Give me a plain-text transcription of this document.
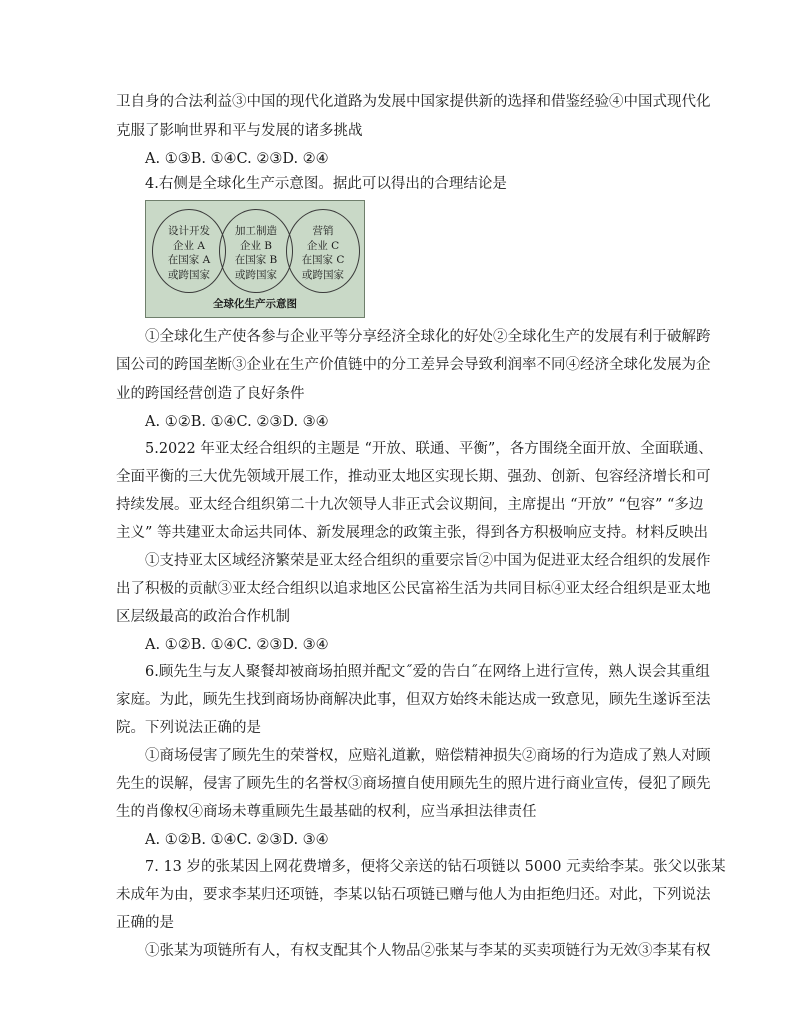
卫自身的合法利益③中国的现代化道路为发展中国家提供新的选择和借鉴经验④中国式现代化
克服了影响世界和平与发展的诸多挑战
A. ①③B. ①④C. ②③D. ②④
4.右侧是全球化生产示意图。据此可以得出的合理结论是
设计开发
企业 A
在国家 A
或跨国家
加工制造
企业 B
在国家 B
或跨国家
营销
企业 C
在国家 C
或跨国家
全球化生产示意图
①全球化生产使各参与企业平等分享经济全球化的好处②全球化生产的发展有利于破解跨
国公司的跨国垄断③企业在生产价值链中的分工差异会导致利润率不同④经济全球化发展为企
业的跨国经营创造了良好条件
A. ①②B. ①④C. ②③D. ③④
5.2022 年亚太经合组织的主题是 “开放、联通、平衡”，各方围绕全面开放、全面联通、
全面平衡的三大优先领域开展工作，推动亚太地区实现长期、强劲、创新、包容经济增长和可
持续发展。亚太经合组织第二十九次领导人非正式会议期间，主席提出 “开放” “包容” “多边
主义” 等共建亚太命运共同体、新发展理念的政策主张，得到各方积极响应支持。材料反映出
①支持亚太区域经济繁荣是亚太经合组织的重要宗旨②中国为促进亚太经合组织的发展作
出了积极的贡献③亚太经合组织以追求地区公民富裕生活为共同目标④亚太经合组织是亚太地
区层级最高的政治合作机制
A. ①②B. ①④C. ②③D. ③④
6.顾先生与友人聚餐却被商场拍照并配文˝爱的告白˝在网络上进行宣传，熟人误会其重组
家庭。为此，顾先生找到商场协商解决此事，但双方始终未能达成一致意见，顾先生遂诉至法
院。下列说法正确的是
①商场侵害了顾先生的荣誉权，应赔礼道歉，赔偿精神损失②商场的行为造成了熟人对顾
先生的误解，侵害了顾先生的名誉权③商场擅自使用顾先生的照片进行商业宣传，侵犯了顾先
生的肖像权④商场未尊重顾先生最基础的权利，应当承担法律责任
A. ①②B. ①④C. ②③D. ③④
7. 13 岁的张某因上网花费增多，便将父亲送的钻石项链以 5000 元卖给李某。张父以张某
未成年为由，要求李某归还项链，李某以钻石项链已赠与他人为由拒绝归还。对此，下列说法
正确的是
①张某为项链所有人，有权支配其个人物品②张某与李某的买卖项链行为无效③李某有权
